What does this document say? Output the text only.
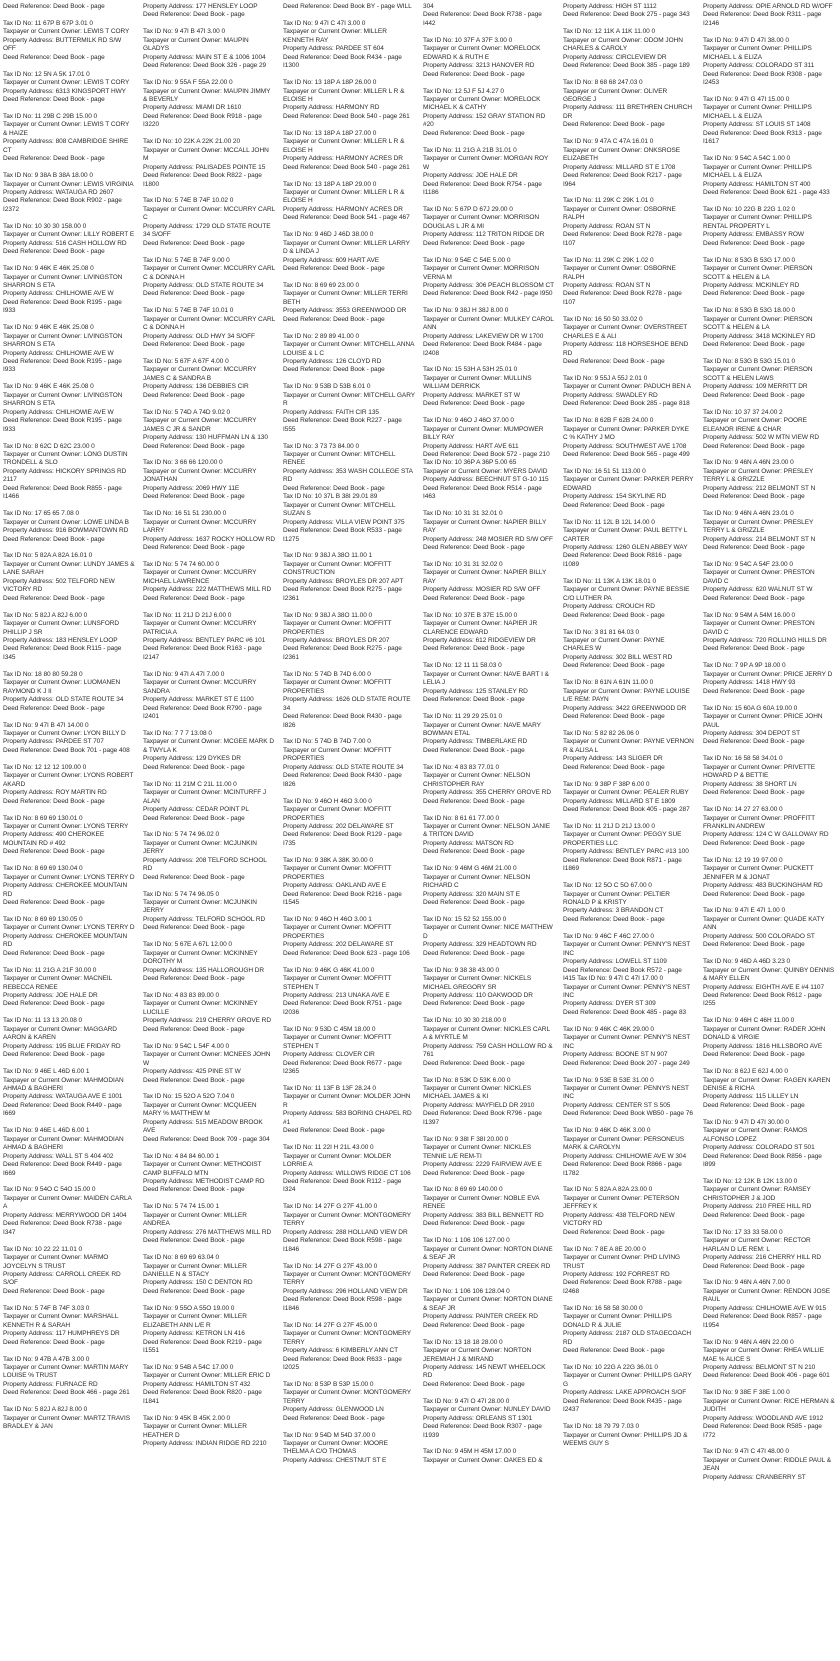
Deed Reference: Deed Book - page

Tax ID No: 11 67P B 67P 3.01 0
Taxpayer or Current Owner: LEWIS T CORY
Property Address: BUTTERMILK RD S/W OFF
Deed Reference: Deed Book - page

Tax ID No: 12 5N A 5K 17.01 0
Taxpayer or Current Owner: LEWIS T CORY
Property Address: 6313 KINGSPORT HWY
Deed Reference: Deed Book - page

Tax ID No: 11 29B C 29B 15.00 0
Taxpayer or Current Owner: LEWIS T CORY & HAIZE
Property Address: 808 CAMBRIDGE SHIRE CT
Deed Reference: Deed Book - page

Tax ID No: 9 38A B 38A 18.00 0
Taxpayer or Current Owner: LEWIS VIRGINIA
Property Address: WATAUGA RD 2607
Deed Reference: Deed Book R902 - page I2372

Tax ID No: 10 30 30 158.00 0
Taxpayer or Current Owner: LILLY ROBERT E
Property Address: 516 CASH HOLLOW RD
Deed Reference: Deed Book - page

Tax ID No: 9 46K E 46K 25.08 0
Taxpayer or Current Owner: LIVINGSTON SHARRON S ETA
Property Address: CHILHOWIE AVE W
Deed Reference: Deed Book R195 - page I933

Tax ID No: 9 46K E 46K 25.08 0
Taxpayer or Current Owner: LIVINGSTON SHARRON S ETA
Property Address: CHILHOWIE AVE W
Deed Reference: Deed Book R195 - page I933

Tax ID No: 9 46K E 46K 25.08 0
Taxpayer or Current Owner: LIVINGSTON SHARRON S ETA
Property Address: CHILHOWIE AVE W
Deed Reference: Deed Book R195 - page I933

Tax ID No: 8 62C D 62C 23.00 0
Taxpayer or Current Owner: LONG DUSTIN TRONDELL & SLO
Property Address: HICKORY SPRINGS RD 2117
Deed Reference: Deed Book R855 - page I1466

Tax ID No: 17 65 65 7.08 0
Taxpayer or Current Owner: LOWE LINDA B
Property Address: 916 BOWMANTOWN RD
Deed Reference: Deed Book - page

Tax ID No: 5 82A A 82A 16.01 0
Taxpayer or Current Owner: LUNDY JAMES & LANE SARAH
Property Address: 502 TELFORD NEW VICTORY RD
Deed Reference: Deed Book - page

Tax ID No: 5 82J A 82J 6.00 0
Taxpayer or Current Owner: LUNSFORD PHILLIP J SR
Property Address: 183 HENSLEY LOOP
Deed Reference: Deed Book R115 - page I345

Tax ID No: 18 80 80 59.28 0
Taxpayer or Current Owner: LUOMANEN RAYMOND K J II
Property Address: OLD STATE ROUTE 34
Deed Reference: Deed Book - page

Tax ID No: 9 47I B 47I 14.00 0
Taxpayer or Current Owner: LYON BILLY D
Property Address: PARDEE ST 707
Deed Reference: Deed Book 701 - page 408

Tax ID No: 12 12 12 109.00 0
Taxpayer or Current Owner: LYONS ROBERT AKARD
Property Address: ROY MARTIN RD
Deed Reference: Deed Book - page

Tax ID No: 8 69 69 130.01 0
Taxpayer or Current Owner: LYONS TERRY
Property Address: 490 CHEROKEE MOUNTAIN RD # 492
Deed Reference: Deed Book - page

Tax ID No: 8 69 69 130.04 0
Taxpayer or Current Owner: LYONS TERRY D
Property Address: CHEROKEE MOUNTAIN RD
Deed Reference: Deed Book - page

Tax ID No: 8 69 69 130.05 0
Taxpayer or Current Owner: LYONS TERRY D
Property Address: CHEROKEE MOUNTAIN RD
Deed Reference: Deed Book - page

Tax ID No: 11 21G A 21F 30.00 0
Taxpayer or Current Owner: MACNEIL REBECCA RENEE
Property Address: JOE HALE DR
Deed Reference: Deed Book - page

Tax ID No: 11 13 13 20.08 0
Taxpayer or Current Owner: MAGGARD AARON & KAREN
Property Address: 195 BLUE FRIDAY RD
Deed Reference: Deed Book - page

Tax ID No: 9 46E L 46D 6.00 1
Taxpayer or Current Owner: MAHMODIAN AHMAD & BAGHERI
Property Address: WATAUGA AVE E 1001
Deed Reference: Deed Book R449 - page I669

Tax ID No: 9 46E L 46D 6.00 1
Taxpayer or Current Owner: MAHMODIAN AHMAD & BAGHERI
Property Address: WALL ST S 404 402
Deed Reference: Deed Book R449 - page I669

Tax ID No: 9 54O C 54O 15.00 0
Taxpayer or Current Owner: MAIDEN CARLA A
Property Address: MERRYWOOD DR 1404
Deed Reference: Deed Book R738 - page I347

Tax ID No: 10 22 22 11.01 0
Taxpayer or Current Owner: MARMO JOYCELYN S TRUST
Property Address: CARROLL CREEK RD S/OF
Deed Reference: Deed Book - page

Tax ID No: 5 74F B 74F 3.03 0
Taxpayer or Current Owner: MARSHALL KENNETH R & SARAH
Property Address: 117 HUMPHREYS DR
Deed Reference: Deed Book - page

Tax ID No: 9 47B A 47B 3.00 0
Taxpayer or Current Owner: MARTIN MARY LOUISE % TRUST
Property Address: FURNACE RD
Deed Reference: Deed Book 466 - page 261

Tax ID No: 5 82J A 82J 8.00 0
Taxpayer or Current Owner: MARTZ TRAVIS BRADLEY & JAN
Property Address: 177 HENSLEY LOOP
Deed Reference: Deed Book - page

Tax ID No: 9 47I B 47I 3.00 0
Taxpayer or Current Owner: MAUPIN GLADYS
Property Address: MAIN ST E & 1006 1004
Deed Reference: Deed Book 326 - page 29

Tax ID No: 9 55A F 55A 22.00 0
Taxpayer or Current Owner: MAUPIN JIMMY & BEVERLY
Property Address: MIAMI DR 1610
Deed Reference: Deed Book R918 - page I3220

Tax ID No: 10 22K A 22K 21.00 20
Taxpayer or Current Owner: MCCALL JOHN M
Property Address: PALISADES POINTE 15
Deed Reference: Deed Book R822 - page I1800

Tax ID No: 5 74E B 74F 10.02 0
Taxpayer or Current Owner: MCCURRY CARL C
Property Address: 1729 OLD STATE ROUTE 34 S/OFF
Deed Reference: Deed Book - page

Tax ID No: 5 74E B 74F 9.00 0
Taxpayer or Current Owner: MCCURRY CARL C & DONNA H
Property Address: OLD STATE ROUTE 34
Deed Reference: Deed Book - page

Tax ID No: 5 74E B 74F 10.01 0
Taxpayer or Current Owner: MCCURRY CARL C & DONNA H
Property Address: OLD HWY 34 S/OFF
Deed Reference: Deed Book - page

Tax ID No: 5 67F A 67F 4.00 0
Taxpayer or Current Owner: MCCURRY JAMES C & SANDRA B
Property Address: 136 DEBBIES CIR
Deed Reference: Deed Book - page

Tax ID No: 5 74D A 74D 9.02 0
Taxpayer or Current Owner: MCCURRY JAMES C JR & SANDR
Property Address: 130 HUFFMAN LN & 130
Deed Reference: Deed Book - page

Tax ID No: 3 66 66 120.00 0
Taxpayer or Current Owner: MCCURRY JONATHAN
Property Address: 2069 HWY 11E
Deed Reference: Deed Book - page

Tax ID No: 16 51 51 230.00 0
Taxpayer or Current Owner: MCCURRY LARRY
Property Address: 1637 ROCKY HOLLOW RD
Deed Reference: Deed Book - page

Tax ID No: 5 74 74 60.00 0
Taxpayer or Current Owner: MCCURRY MICHAEL LAWRENCE
Property Address: 222 MATTHEWS MILL RD Deed Reference: Deed Book - page

Tax ID No: 11 21J D 21J 6.00 0
Taxpayer or Current Owner: MCCURRY PATRICIA A
Property Address: BENTLEY PARC #6 101
Deed Reference: Deed Book R163 - page I2147

Tax ID No: 9 47I A 47I 7.00 0
Taxpayer or Current Owner: MCCURRY SANDRA
Property Address: MARKET ST E 1100
Deed Reference: Deed Book R790 - page I2401

Tax ID No: 7 7 7 13.08 0
Taxpayer or Current Owner: MCGEE MARK D & TWYLA K
Property Address: 129 DYKES DR
Deed Reference: Deed Book - page

Tax ID No: 11 21M C 21L 11.00 0
Taxpayer or Current Owner: MCINTURFF J ALAN
Property Address: CEDAR POINT PL
Deed Reference: Deed Book - page

Tax ID No: 5 74 74 96.02 0
Taxpayer or Current Owner: MCJUNKIN JERRY
Property Address: 208 TELFORD SCHOOL RD
Deed Reference: Deed Book - page

Tax ID No: 5 74 74 96.05 0
Taxpayer or Current Owner: MCJUNKIN JERRY
Property Address: TELFORD SCHOOL RD
Deed Reference: Deed Book - page

Tax ID No: 5 67E A 67L 12.00 0
Taxpayer or Current Owner: MCKINNEY DOROTHY M
Property Address: 135 HALLOROUGH DR
Deed Reference: Deed Book - page

Tax ID No: 4 83 83 89.00 0
Taxpayer or Current Owner: MCKINNEY LUCILLE
Property Address: 219 CHERRY GROVE RD
Deed Reference: Deed Book - page

Tax ID No: 9 54C L 54F 4.00 0
Taxpayer or Current Owner: MCNEES JOHN W
Property Address: 425 PINE ST W
Deed Reference: Deed Book - page

Tax ID No: 15 52O A 52O 7.04 0
Taxpayer or Current Owner: MCQUEEN MARY % MATTHEW M
Property Address: 515 MEADOW BROOK AVE
Deed Reference: Deed Book 709 - page 304

Tax ID No: 4 84 84 60.00 1
Taxpayer or Current Owner: METHODIST CAMP BUFFALO MTN
Property Address: METHODIST CAMP RD
Deed Reference: Deed Book - page

Tax ID No: 5 74 74 15.00 1
Taxpayer or Current Owner: MILLER ANDREA
Property Address: 276 MATTHEWS MILL RD
Deed Reference: Deed Book - page

Tax ID No: 8 69 69 63.04 0
Taxpayer or Current Owner: MILLER DANIELLE N & STACY
Property Address: 150 C DENTON RD
Deed Reference: Deed Book - page

Tax ID No: 9 55O A 55O 19.00 0
Taxpayer or Current Owner: MILLER ELIZABETH ANN L/E R
Property Address: KETRON LN 416
Deed Reference: Deed Book R219 - page I1551

Tax ID No: 9 54B A 54C 17.00 0
Taxpayer or Current Owner: MILLER ERIC D
Property Address: HAMILTON ST 432
Deed Reference: Deed Book R820 - page I1841

Tax ID No: 9 45K B 45K 2.00 0
Taxpayer or Current Owner: MILLER HEATHER D
Property Address: INDIAN RIDGE RD 2210
Deed Reference: Deed Book BY - page WILL

Tax ID No: 9 47I C 47I 3.00 0
Taxpayer or Current Owner: MILLER KENNETH RAY
Property Address: PARDEE ST 604
Deed Reference: Deed Book R434 - page I1300

Tax ID No: 13 18P A 18P 26.00 0
Taxpayer or Current Owner: MILLER L R & ELOISE H
Property Address: HARMONY RD
Deed Reference: Deed Book 540 - page 261

Tax ID No: 13 18P A 18P 27.00 0
Taxpayer or Current Owner: MILLER L R & ELOISE H
Property Address: HARMONY ACRES DR
Deed Reference: Deed Book 540 - page 261

Tax ID No: 13 18P A 18P 29.00 0
Taxpayer or Current Owner: MILLER L R & ELOISE H
Property Address: HARMONY ACRES DR
Deed Reference: Deed Book 541 - page 467

Tax ID No: 9 46D J 46D 38.00 0
Taxpayer or Current Owner: MILLER LARRY D & LINDA J
Property Address: 609 HART AVE
Deed Reference: Deed Book - page

Tax ID No: 8 69 69 23.00 0
Taxpayer or Current Owner: MILLER TERRI BETH
Property Address: 3553 GREENWOOD DR
Deed Reference: Deed Book - page

Tax ID No: 2 89 89 41.00 0
Taxpayer or Current Owner: MITCHELL ANNA LOUISE & L C
Property Address: 126 CLOYD RD
Deed Reference: Deed Book - page

Tax ID No: 9 53B D 53B 6.01 0
Taxpayer or Current Owner: MITCHELL GARY R
Property Address: FAITH CIR 135
Deed Reference: Deed Book R227 - page I555

Tax ID No: 3 73 73 84.00 0
Taxpayer or Current Owner: MITCHELL RENEE
Property Address: 353 WASH COLLEGE STA RD
Deed Reference: Deed Book - page
Tax ID No: 10 37L B 38I 29.01 89
Taxpayer or Current Owner: MITCHELL SUZAN S
Property Address: VILLA VIEW POINT 375
Deed Reference: Deed Book R533 - page I1275

Tax ID No: 9 38J A 38O 11.00 1
Taxpayer or Current Owner: MOFFITT CONSTRUCTION
Property Address: BROYLES DR 207 APT
Deed Reference: Deed Book R275 - page I2361

Tax ID No: 9 38J A 38O 11.00 0
Taxpayer or Current Owner: MOFFITT PROPERTIES
Property Address: BROYLES DR 207
Deed Reference: Deed Book R275 - page I2361

Tax ID No: 5 74D B 74D 6.00 0
Taxpayer or Current Owner: MOFFITT PROPERTIES
Property Address: 1626 OLD STATE ROUTE 34
Deed Reference: Deed Book R430 - page I826

Tax ID No: 5 74D B 74D 7.00 0
Taxpayer or Current Owner: MOFFITT PROPERTIES
Property Address: OLD STATE ROUTE 34
Deed Reference: Deed Book R430 - page I826

Tax ID No: 9 46O H 46O 3.00 0
Taxpayer or Current Owner: MOFFITT PROPERTIES
Property Address: 202 DELAWARE ST
Deed Reference: Deed Book R129 - page I735

Tax ID No: 9 38K A 38K 30.00 0
Taxpayer or Current Owner: MOFFITT PROPERTIES
Property Address: OAKLAND AVE E
Deed Reference: Deed Book R216 - page I1545

Tax ID No: 9 46O H 46O 3.00 1
Taxpayer or Current Owner: MOFFITT PROPERTIES
Property Address: 202 DELAWARE ST
Deed Reference: Deed Book 623 - page 106

Tax ID No: 9 46K G 46K 41.00 0
Taxpayer or Current Owner: MOFFITT STEPHEN T
Property Address: 213 UNAKA AVE E
Deed Reference: Deed Book R751 - page I2036

Tax ID No: 9 53D C 45M 18.00 0
Taxpayer or Current Owner: MOFFITT STEPHEN T
Property Address: CLOVER CIR
Deed Reference: Deed Book R677 - page I2365

Tax ID No: 11 13F B 13F 28.24 0
Taxpayer or Current Owner: MOLDER JOHN R
Property Address: 583 BORING CHAPEL RD #1
Deed Reference: Deed Book - page

Tax ID No: 11 22I H 21L 43.00 0
Taxpayer or Current Owner: MOLDER LORRIE A
Property Address: WILLOWS RIDGE CT 106
Deed Reference: Deed Book R112 - page I324

Tax ID No: 14 27F G 27F 41.00 0
Taxpayer or Current Owner: MONTGOMERY TERRY
Property Address: 288 HOLLAND VIEW DR
Deed Reference: Deed Book R598 - page I1846

Tax ID No: 14 27F G 27F 43.00 0
Taxpayer or Current Owner: MONTGOMERY TERRY
Property Address: 296 HOLLAND VIEW DR
Deed Reference: Deed Book R598 - page I1846

Tax ID No: 14 27F G 27F 45.00 0
Taxpayer or Current Owner: MONTGOMERY TERRY
Property Address: 6 KIMBERLY ANN CT
Deed Reference: Deed Book R633 - page I2025

Tax ID No: 8 53P B 53P 15.00 0
Taxpayer or Current Owner: MONTGOMERY TERRY
Property Address: GLENWOOD LN
Deed Reference: Deed Book - page

Tax ID No: 9 54D M 54D 37.00 0
Taxpayer or Current Owner: MOORE THELMA A C/O THOMAS
Property Address: CHESTNUT ST E
304
Deed Reference: Deed Book R738 - page I442

Tax ID No: 10 37F A 37F 3.00 0
Taxpayer or Current Owner: MORELOCK EDWARD K & RUTH E
Property Address: 3213 HANOVER RD
Deed Reference: Deed Book - page

Tax ID No: 12 5J F 5J 4.27 0
Taxpayer or Current Owner: MORELOCK MICHAEL K & CATHY
Property Address: 152 GRAY STATION RD #20
Deed Reference: Deed Book - page

Tax ID No: 11 21G A 21B 31.01 0
Taxpayer or Current Owner: MORGAN ROY W
Property Address: JOE HALE DR
Deed Reference: Deed Book R754 - page I1186

Tax ID No: 5 67P D 67J 29.00 0
Taxpayer or Current Owner: MORRISON DOUGLAS L JR & MI
Property Address: 112 TRITON RIDGE DR
Deed Reference: Deed Book - page

Tax ID No: 9 54E C 54E 5.00 0
Taxpayer or Current Owner: MORRISON VERNA M
Property Address: 306 PEACH BLOSSOM CT
Deed Reference: Deed Book R42 - page I950

Tax ID No: 9 38J H 38J 8.00 0
Taxpayer or Current Owner: MULKEY CAROL ANN
Property Address: LAKEVIEW DR W 1700
Deed Reference: Deed Book R484 - page I2408

Tax ID No: 15 53H A 53H 25.01 0
Taxpayer or Current Owner: MULLINS WILLIAM DERRICK
Property Address: MARKET ST W
Deed Reference: Deed Book - page

Tax ID No: 9 46O J 46O 37.00 0
Taxpayer or Current Owner: MUMPOWER BILLY RAY
Property Address: HART AVE 611
Deed Reference: Deed Book 572 - page 210 Tax ID No: 10 36P A 36P 5.00 65
Taxpayer or Current Owner: MYERS DAVID
Property Address: BEECHNUT ST G-10 115
Deed Reference: Deed Book R514 - page I463

Tax ID No: 10 31 31 32.01 0
Taxpayer or Current Owner: NAPIER BILLY RAY
Property Address: 248 MOSIER RD S/W OFF
Deed Reference: Deed Book - page

Tax ID No: 10 31 31 32.02 0
Taxpayer or Current Owner: NAPIER BILLY RAY
Property Address: MOSIER RD S/W OFF
Deed Reference: Deed Book - page

Tax ID No: 10 37E B 37E 15.00 0
Taxpayer or Current Owner: NAPIER JR CLARENCE EDWARD
Property Address: 612 RIDGEVIEW DR
Deed Reference: Deed Book - page

Tax ID No: 12 11 11 58.03 0
Taxpayer or Current Owner: NAVE BART I & LELIA J
Property Address: 125 STANLEY RD
Deed Reference: Deed Book - page

Tax ID No: 11 29 29 25.01 0
Taxpayer or Current Owner: NAVE MARY BOWMAN ETAL
Property Address: TIMBERLAKE RD
Deed Reference: Deed Book - page

Tax ID No: 4 83 83 77.01 0
Taxpayer or Current Owner: NELSON CHRISTOPHER RAY
Property Address: 355 CHERRY GROVE RD
Deed Reference: Deed Book - page

Tax ID No: 8 61 61 77.00 0
Taxpayer or Current Owner: NELSON JANIE & TRITON DAVID
Property Address: MATSON RD
Deed Reference: Deed Book - page

Tax ID No: 9 46M G 46M 21.00 0
Taxpayer or Current Owner: NELSON RICHARD C
Property Address: 320 MAIN ST E
Deed Reference: Deed Book - page

Tax ID No: 15 52 52 155.00 0
Taxpayer or Current Owner: NICE MATTHEW D
Property Address: 329 HEADTOWN RD
Deed Reference: Deed Book - page

Tax ID No: 9 38 38 43.00 0
Taxpayer or Current Owner: NICKELS MICHAEL GREGORY SR
Property Address: 110 OAKWOOD DR
Deed Reference: Deed Book - page

Tax ID No: 10 30 30 218.00 0
Taxpayer or Current Owner: NICKLES CARL A & MYRTLE M
Property Address: 759 CASH HOLLOW RD & 761
Deed Reference: Deed Book - page

Tax ID No: 8 53K D 53K 6.00 0
Taxpayer or Current Owner: NICKLES MICHAEL JAMES & KI
Property Address: MAYFIELD DR 2910
Deed Reference: Deed Book R796 - page I1397

Tax ID No: 9 38I F 38I 20.00 0
Taxpayer or Current Owner: NICKLES TENNIE L/E REM-TI
Property Address: 2229 FAIRVIEW AVE E
Deed Reference: Deed Book - page

Tax ID No: 8 69 69 140.00 0
Taxpayer or Current Owner: NOBLE EVA RENEE
Property Address: 383 BILL BENNETT RD
Deed Reference: Deed Book - page

Tax ID No: 1 106 106 127.00 0
Taxpayer or Current Owner: NORTON DIANE & SEAF JR
Property Address: 387 PAINTER CREEK RD
Deed Reference: Deed Book - page

Tax ID No: 1 106 106 128.04 0
Taxpayer or Current Owner: NORTON DIANE & SEAF JR
Property Address: PAINTER CREEK RD
Deed Reference: Deed Book - page

Tax ID No: 13 18 18 28.00 0
Taxpayer or Current Owner: NORTON JEREMIAH J & MIRAND
Property Address: 145 NEWT WHEELOCK RD
Deed Reference: Deed Book - page

Tax ID No: 9 47I O 47I 28.00 0
Taxpayer or Current Owner: NUNLEY DAVID
Property Address: ORLEANS ST 1301
Deed Reference: Deed Book R307 - page I1939

Tax ID No: 9 45M H 45M 17.00 0
Taxpayer or Current Owner: OAKES ED &
Property Address: HIGH ST 1112
Deed Reference: Deed Book 275 - page 343

Tax ID No: 12 11K A 11K 11.00 0
Taxpayer or Current Owner: ODOM JOHN CHARLES & CAROLY
Property Address: CIRCLEVIEW DR
Deed Reference: Deed Book 385 - page 189

Tax ID No: 8 68 68 247.03 0
Taxpayer or Current Owner: OLIVER GEORGE J
Property Address: 111 BRETHREN CHURCH DR
Deed Reference: Deed Book - page

Tax ID No: 9 47A C 47A 16.01 0
Taxpayer or Current Owner: ONKSROSE ELIZABETH
Property Address: MILLARD ST E 1708
Deed Reference: Deed Book R217 - page I964

Tax ID No: 11 29K C 29K 1.01 0
Taxpayer or Current Owner: OSBORNE RALPH
Property Address: ROAN ST N
Deed Reference: Deed Book R278 - page I107

Tax ID No: 11 29K C 29K 1.02 0
Taxpayer or Current Owner: OSBORNE RALPH
Property Address: ROAN ST N
Deed Reference: Deed Book R278 - page I107

Tax ID No: 16 50 50 33.02 0
Taxpayer or Current Owner: OVERSTREET CHARLES E & ALI
Property Address: 118 HORSESHOE BEND RD
Deed Reference: Deed Book - page

Tax ID No: 9 55J A 55J 2.01 0
Taxpayer or Current Owner: PADUCH BEN A
Property Address: SWADLEY RD
Deed Reference: Deed Book 285 - page 818

Tax ID No: 8 62B F 62B 24.00 0
Taxpayer or Current Owner: PARKER DYKE C % KATHY J MO
Property Address: SOUTHWEST AVE 1708
Deed Reference: Deed Book 565 - page 499

Tax ID No: 16 51 51 113.00 0
Taxpayer or Current Owner: PARKER PERRY EDWARD
Property Address: 154 SKYLINE RD
Deed Reference: Deed Book - page

Tax ID No: 11 12L B 12L 14.00 0
Taxpayer or Current Owner: PAUL BETTY L CARTER
Property Address: 1260 GLEN ABBEY WAY
Deed Reference: Deed Book R816 - page I1089

Tax ID No: 11 13K A 13K 18.01 0
Taxpayer or Current Owner: PAYNE BESSIE C/O LUTHER PA
Property Address: CROUCH RD
Deed Reference: Deed Book - page

Tax ID No: 3 81 81 64.03 0
Taxpayer or Current Owner: PAYNE CHARLES W
Property Address: 302 BILL WEST RD
Deed Reference: Deed Book - page

Tax ID No: 8 61N A 61N 11.00 0
Taxpayer or Current Owner: PAYNE LOUISE L/E REM: PAYN
Property Address: 3422 GREENWOOD DR
Deed Reference: Deed Book - page

Tax ID No: 5 82 82 26.06 0
Taxpayer or Current Owner: PAYNE VERNON R & ALISA L
Property Address: 143 SLIGER DR
Deed Reference: Deed Book - page

Tax ID No: 9 38P F 38P 6.00 0
Taxpayer or Current Owner: PEALER RUBY
Property Address: MILLARD ST E 1809
Deed Reference: Deed Book 405 - page 287

Tax ID No: 11 21J D 21J 13.00 0
Taxpayer or Current Owner: PEGGY SUE PROPERTIES LLC
Property Address: BENTLEY PARC #13 100
Deed Reference: Deed Book R871 - page I1869

Tax ID No: 12 5O C 5O 67.00 0
Taxpayer or Current Owner: PELTIER RONALD P & KRISTY
Property Address: 3 BRANDON CT
Deed Reference: Deed Book - page

Tax ID No: 9 46C F 46C 27.00 0
Taxpayer or Current Owner: PENNY'S NEST INC
Property Address: LOWELL ST 1109
Deed Reference: Deed Book R572 - page I415 Tax ID No: 9 47I C 47I 17.00 0
Taxpayer or Current Owner: PENNY'S NEST INC
Property Address: DYER ST 309
Deed Reference: Deed Book 485 - page 83

Tax ID No: 9 46K C 46K 29.00 0
Taxpayer or Current Owner: PENNY'S NEST INC
Property Address: BOONE ST N 907
Deed Reference: Deed Book 207 - page 249

Tax ID No: 9 53E B 53E 31.00 0
Taxpayer or Current Owner: PENNYS NEST INC
Property Address: CENTER ST S 505
Deed Reference: Deed Book WB50 - page 76

Tax ID No: 9 46K D 46K 3.00 0
Taxpayer or Current Owner: PERSONEUS MARK & CAROLYN
Property Address: CHILHOWIE AVE W 304
Deed Reference: Deed Book R866 - page I1782

Tax ID No: 5 82A A 82A 23.00 0
Taxpayer or Current Owner: PETERSON JEFFREY K
Property Address: 438 TELFORD NEW VICTORY RD
Deed Reference: Deed Book - page

Tax ID No: 7 8E A 8E 20.00 0
Taxpayer or Current Owner: PHD LIVING TRUST
Property Address: 192 FORREST RD
Deed Reference: Deed Book R788 - page I2468

Tax ID No: 16 58 58 30.00 0
Taxpayer or Current Owner: PHILLIPS DONALD R & JULIE
Property Address: 2187 OLD STAGECOACH RD
Deed Reference: Deed Book - page

Tax ID No: 10 22G A 22G 36.01 0
Taxpayer or Current Owner: PHILLIPS GARY G
Property Address: LAKE APPROACH S/OF
Deed Reference: Deed Book R435 - page I2437

Tax ID No: 18 79 79 7.03 0
Taxpayer or Current Owner: PHILLIPS JD & WEEMS GUY S
Property Address: OPIE ARNOLD RD W/OFF
Deed Reference: Deed Book R311 - page I2146

Tax ID No: 9 47I D 47I 38.00 0
Taxpayer or Current Owner: PHILLIPS MICHAEL L & ELIZA
Property Address: COLORADO ST 311
Deed Reference: Deed Book R308 - page I2453

Tax ID No: 9 47I G 47I 15.00 0
Taxpayer or Current Owner: PHILLIPS MICHAEL L & ELIZA
Property Address: ST LOUIS ST 1408
Deed Reference: Deed Book R313 - page I1617

Tax ID No: 9 54C A 54C 1.00 0
Taxpayer or Current Owner: PHILLIPS MICHAEL L & ELIZA
Property Address: HAMILTON ST 400
Deed Reference: Deed Book 621 - page 433

Tax ID No: 10 22G B 22G 1.02 0
Taxpayer or Current Owner: PHILLIPS RENTAL PROPERTY L
Property Address: EMBASSY ROW
Deed Reference: Deed Book - page

Tax ID No: 8 53G B 53G 17.00 0
Taxpayer or Current Owner: PIERSON SCOTT & HELEN & LA
Property Address: MCKINLEY RD
Deed Reference: Deed Book - page

Tax ID No: 8 53G B 53G 18.00 0
Taxpayer or Current Owner: PIERSON SCOTT & HELEN & LA
Property Address: 3418 MCKINLEY RD
Deed Reference: Deed Book - page

Tax ID No: 8 53G B 53G 15.01 0
Taxpayer or Current Owner: PIERSON SCOTT & HELEN LAWS
Property Address: 109 MERRITT DR
Deed Reference: Deed Book - page

Tax ID No: 10 37 37 24.00 2
Taxpayer or Current Owner: POORE ELEANOR IRENE & CHAR
Property Address: 502 W MTN VIEW RD
Deed Reference: Deed Book - page

Tax ID No: 9 46N A 46N 23.00 0
Taxpayer or Current Owner: PRESLEY TERRY L & GRIZZLE
Property Address: 212 BELMONT ST N
Deed Reference: Deed Book - page

Tax ID No: 9 46N A 46N 23.01 0
Taxpayer or Current Owner: PRESLEY TERRY L & GRIZZLE
Property Address: 214 BELMONT ST N
Deed Reference: Deed Book - page

Tax ID No: 9 54C A 54F 23.00 0
Taxpayer or Current Owner: PRESTON DAVID C
Property Address: 620 WALNUT ST W
Deed Reference: Deed Book - page

Tax ID No: 9 54M A 54M 16.00 0
Taxpayer or Current Owner: PRESTON DAVID C
Property Address: 720 ROLLING HILLS DR
Deed Reference: Deed Book - page

Tax ID No: 7 9P A 9P 18.00 0
Taxpayer or Current Owner: PRICE JERRY D
Property Address: 1418 HWY 93
Deed Reference: Deed Book - page

Tax ID No: 15 60A G 60A 19.00 0
Taxpayer or Current Owner: PRICE JOHN PAUL
Property Address: 304 DEPOT ST
Deed Reference: Deed Book - page

Tax ID No: 16 58 58 34.01 0
Taxpayer or Current Owner: PRIVETTE HOWARD P & BETTIE
Property Address: 38 SHORT LN
Deed Reference: Deed Book - page

Tax ID No: 14 27 27 63.00 0
Taxpayer or Current Owner: PROFFITT FRANKLIN ANDREW
Property Address: 124 C W GALLOWAY RD
Deed Reference: Deed Book - page

Tax ID No: 12 19 19 97.00 0
Taxpayer or Current Owner: PUCKETT JENNIFER M & JONAT
Property Address: 483 BUCKINGHAM RD
Deed Reference: Deed Book - page

Tax ID No: 9 47I E 47I 1.00 0
Taxpayer or Current Owner: QUADE KATY ANN
Property Address: 500 COLORADO ST
Deed Reference: Deed Book - page

Tax ID No: 9 46D A 46D 3.23 0
Taxpayer or Current Owner: QUINBY DENNIS & MARY ELLEN
Property Address: EIGHTH AVE E #4 1107
Deed Reference: Deed Book R612 - page I255

Tax ID No: 9 46H C 46H 11.00 0
Taxpayer or Current Owner: RADER JOHN DONALD & VIRGIE
Property Address: 1816 HILLSBORO AVE
Deed Reference: Deed Book - page

Tax ID No: 8 62J E 62J 4.00 0
Taxpayer or Current Owner: RAGEN KAREN DENISE & RICHA
Property Address: 115 LILLEY LN
Deed Reference: Deed Book - page

Tax ID No: 9 47I D 47I 30.00 0
Taxpayer or Current Owner: RAMOS ALFONSO LOPEZ
Property Address: COLORADO ST 501
Deed Reference: Deed Book R856 - page I899

Tax ID No: 12 12K B 12K 13.00 0
Taxpayer or Current Owner: RAMSEY CHRISTOPHER J & JOD
Property Address: 210 FREE HILL RD
Deed Reference: Deed Book - page

Tax ID No: 17 33 33 58.00 0
Taxpayer or Current Owner: RECTOR HARLAN D L/E REM: L
Property Address: 216 CHERRY HILL RD
Deed Reference: Deed Book - page

Tax ID No: 9 46N A 46N 7.00 0
Taxpayer or Current Owner: RENDON JOSE RAUL
Property Address: CHILHOWIE AVE W 915
Deed Reference: Deed Book R857 - page I1954

Tax ID No: 9 46N A 46N 22.00 0
Taxpayer or Current Owner: RHEA WILLIE MAE % ALICE S
Property Address: BELMONT ST N 210
Deed Reference: Deed Book 406 - page 601

Tax ID No: 9 38E F 38E 1.00 0
Taxpayer or Current Owner: RICE HERMAN & JUDITH
Property Address: WOODLAND AVE 1912
Deed Reference: Deed Book R585 - page I772

Tax ID No: 9 47I C 47I 48.00 0
Taxpayer or Current Owner: RIDDLE PAUL & JEAN
Property Address: CRANBERRY ST
